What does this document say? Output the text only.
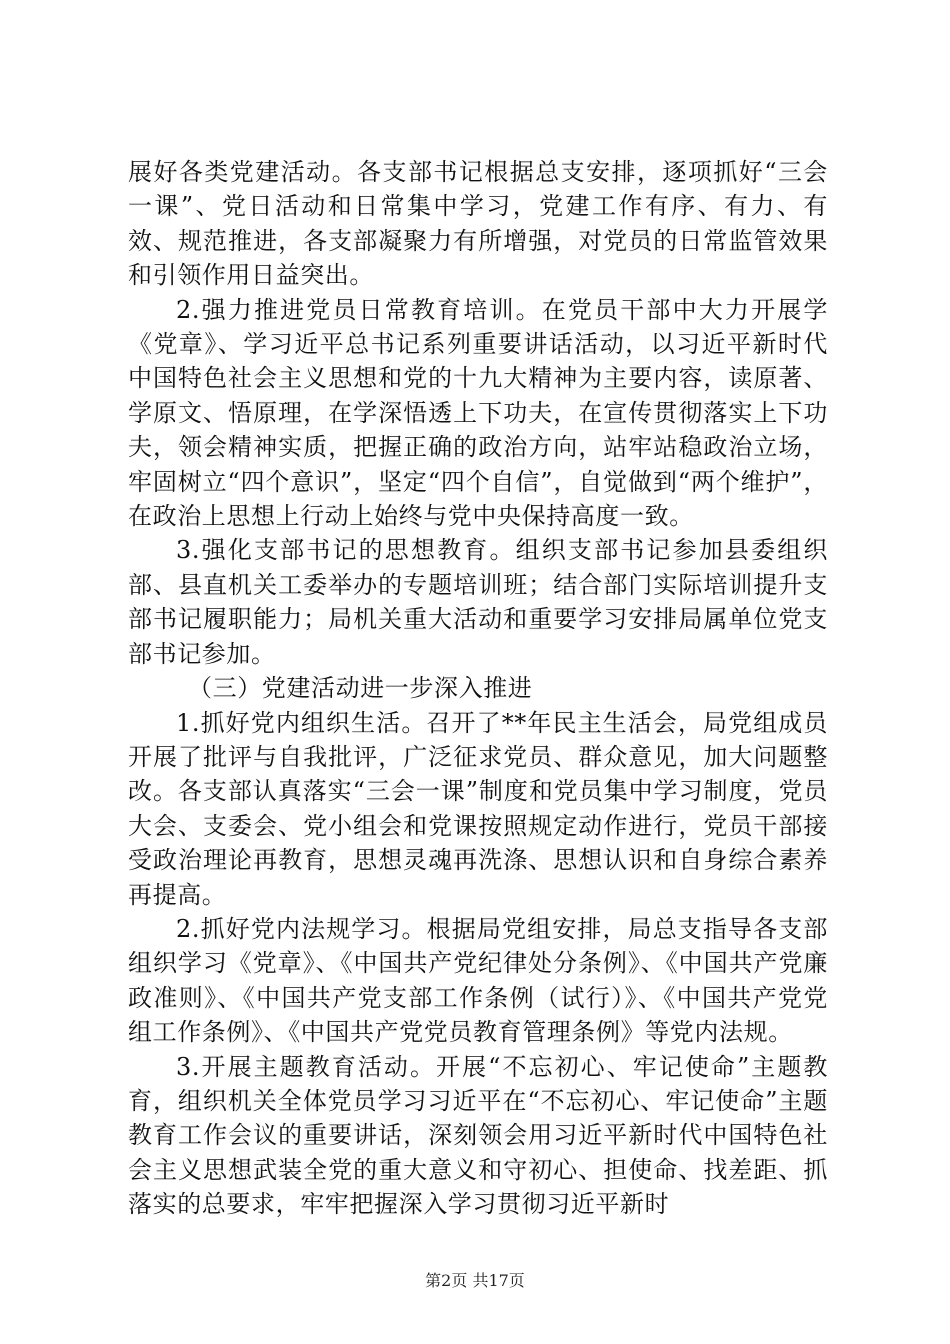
展好各类党建活动。各支部书记根据总支安排，逐项抓好“三会一课”、党日活动和日常集中学习，党建工作有序、有力、有效、规范推进，各支部凝聚力有所增强，对党员的日常监管效果和引领作用日益突出。

2.强力推进党员日常教育培训。在党员干部中大力开展学《党章》、学习近平总书记系列重要讲话活动，以习近平新时代中国特色社会主义思想和党的十九大精神为主要内容，读原著、学原文、悟原理，在学深悟透上下功夫，在宣传贯彻落实上下功夫，领会精神实质，把握正确的政治方向，站牢站稳政治立场，牢固树立“四个意识”，坚定“四个自信”，自觉做到“两个维护”，在政治上思想上行动上始终与党中央保持高度一致。

3.强化支部书记的思想教育。组织支部书记参加县委组织部、县直机关工委举办的专题培训班；结合部门实际培训提升支部书记履职能力；局机关重大活动和重要学习安排局属单位党支部书记参加。

（三）党建活动进一步深入推进

1.抓好党内组织生活。召开了**年民主生活会，局党组成员开展了批评与自我批评，广泛征求党员、群众意见，加大问题整改。各支部认真落实“三会一课”制度和党员集中学习制度，党员大会、支委会、党小组会和党课按照规定动作进行，党员干部接受政治理论再教育，思想灵魂再洗涤、思想认识和自身综合素养再提高。

2.抓好党内法规学习。根据局党组安排，局总支指导各支部组织学习《党章》、《中国共产党纪律处分条例》、《中国共产党廉政准则》、《中国共产党支部工作条例（试行）》、《中国共产党党组工作条例》、《中国共产党党员教育管理条例》等党内法规。

3.开展主题教育活动。开展“不忘初心、牢记使命”主题教育，组织机关全体党员学习习近平在“不忘初心、牢记使命”主题教育工作会议的重要讲话，深刻领会用习近平新时代中国特色社会主义思想武装全党的重大意义和守初心、担使命、找差距、抓落实的总要求，牢牢把握深入学习贯彻习近平新时

第2页 共17页
